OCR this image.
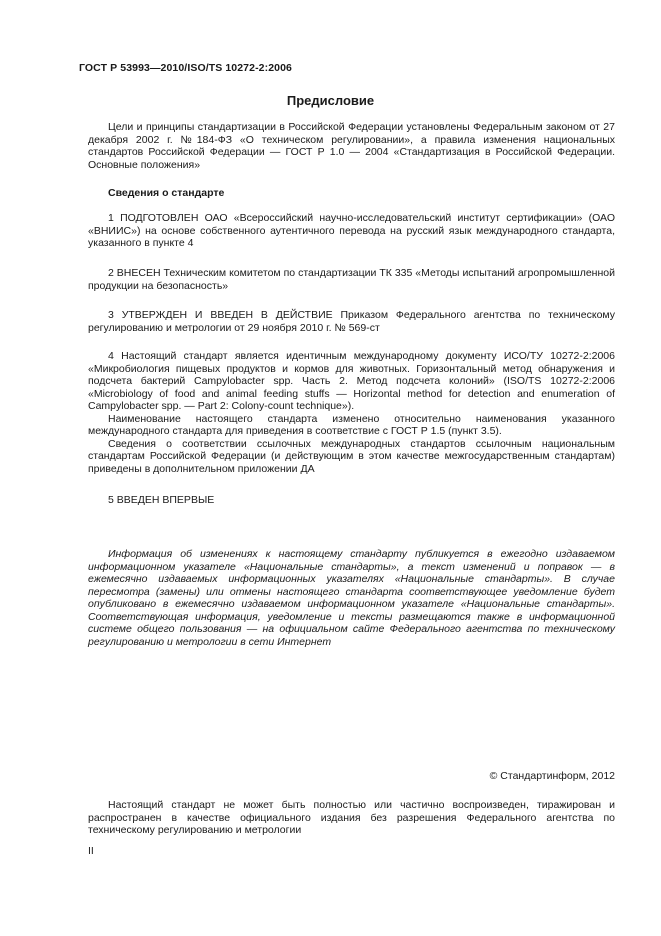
ГОСТ Р 53993—2010/ISO/TS 10272-2:2006
Предисловие
Цели и принципы стандартизации в Российской Федерации установлены Федеральным законом от 27 декабря 2002 г. №184-ФЗ «О техническом регулировании», а правила изменения национальных стандартов Российской Федерации — ГОСТ Р 1.0 — 2004 «Стандартизация в Российской Федерации. Основные положения»
Сведения о стандарте
1 ПОДГОТОВЛЕН ОАО «Всероссийский научно-исследовательский институт сертификации» (ОАО «ВНИИС») на основе собственного аутентичного перевода на русский язык международного стандарта, указанного в пункте 4
2 ВНЕСЕН Техническим комитетом по стандартизации ТК 335 «Методы испытаний агропромышленной продукции на безопасность»
3 УТВЕРЖДЕН И ВВЕДЕН В ДЕЙСТВИЕ Приказом Федерального агентства по техническому регулированию и метрологии от 29 ноября 2010 г. № 569-ст

4 Настоящий стандарт является идентичным международному документу ИСО/ТУ 10272-2:2006 «Микробиология пищевых продуктов и кормов для животных. Горизонтальный метод обнаружения и подсчета бактерий Campylobacter spp. Часть 2. Метод подсчета колоний» (ISO/TS 10272-2:2006 «Microbiology of food and animal feeding stuffs — Horizontal method for detection and enumeration of Campylobacter spp. — Part 2: Colony-count technique»).

Наименование настоящего стандарта изменено относительно наименования указанного международного стандарта для приведения в соответствие с ГОСТ Р 1.5 (пункт 3.5).

Сведения о соответствии ссылочных международных стандартов ссылочным национальным стандартам Российской Федерации (и действующим в этом качестве межгосударственным стандартам) приведены в дополнительном приложении ДА

5 ВВЕДЕН ВПЕРВЫЕ
Информация об изменениях к настоящему стандарту публикуется в ежегодно издаваемом информационном указателе «Национальные стандарты», а текст изменений и поправок — в ежемесячно издаваемых информационных указателях «Национальные стандарты». В случае пересмотра (замены) или отмены настоящего стандарта соответствующее уведомление будет опубликовано в ежемесячно издаваемом информационном указателе «Национальные стандарты». Соответствующая информация, уведомление и тексты размещаются также в информационной системе общего пользования — на официальном сайте Федерального агентства по техническому регулированию и метрологии в сети Интернет
© Стандартинформ, 2012
Настоящий стандарт не может быть полностью или частично воспроизведен, тиражирован и распространен в качестве официального издания без разрешения Федерального агентства по техническому регулированию и метрологии
II
